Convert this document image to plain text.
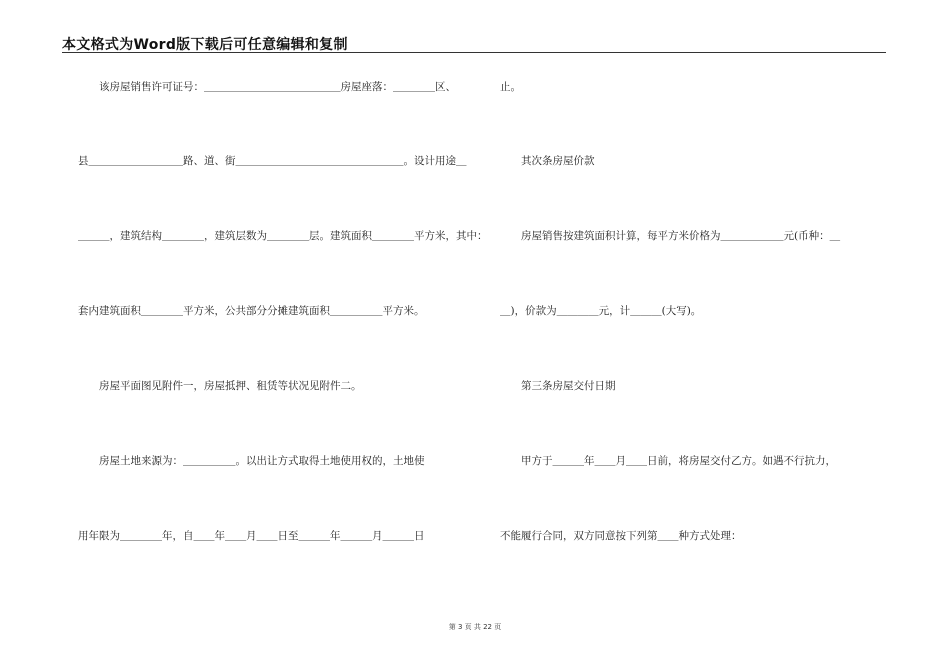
本文格式为Word版下载后可任意编辑和复制
　　该房屋销售许可证号：＿＿＿＿＿＿＿＿＿＿＿＿＿房屋座落：＿＿＿＿区、
县＿＿＿＿＿＿＿＿＿路、道、街＿＿＿＿＿＿＿＿＿＿＿＿＿＿＿＿。设计用途＿
＿＿＿，建筑结构＿＿＿＿，建筑层数为＿＿＿＿层。建筑面积＿＿＿＿平方米，其中：
套内建筑面积＿＿＿＿平方米，公共部分分摊建筑面积＿＿＿＿＿平方米。
　　房屋平面图见附件一，房屋抵押、租赁等状况见附件二。
　　房屋土地来源为：＿＿＿＿＿。以出让方式取得土地使用权的，土地使
用年限为＿＿＿＿年，自＿＿年＿＿月＿＿日至＿＿＿年＿＿＿月＿＿＿日
止。
　　其次条房屋价款
　　房屋销售按建筑面积计算，每平方米价格为＿＿＿＿＿＿元(币种：＿
＿)，价款为＿＿＿＿元，计＿＿＿(大写)。
　　第三条房屋交付日期
　　甲方于＿＿＿年＿＿月＿＿日前，将房屋交付乙方。如遇不行抗力，
不能履行合同，双方同意按下列第＿＿种方式处理：
第 3 页 共 22 页
